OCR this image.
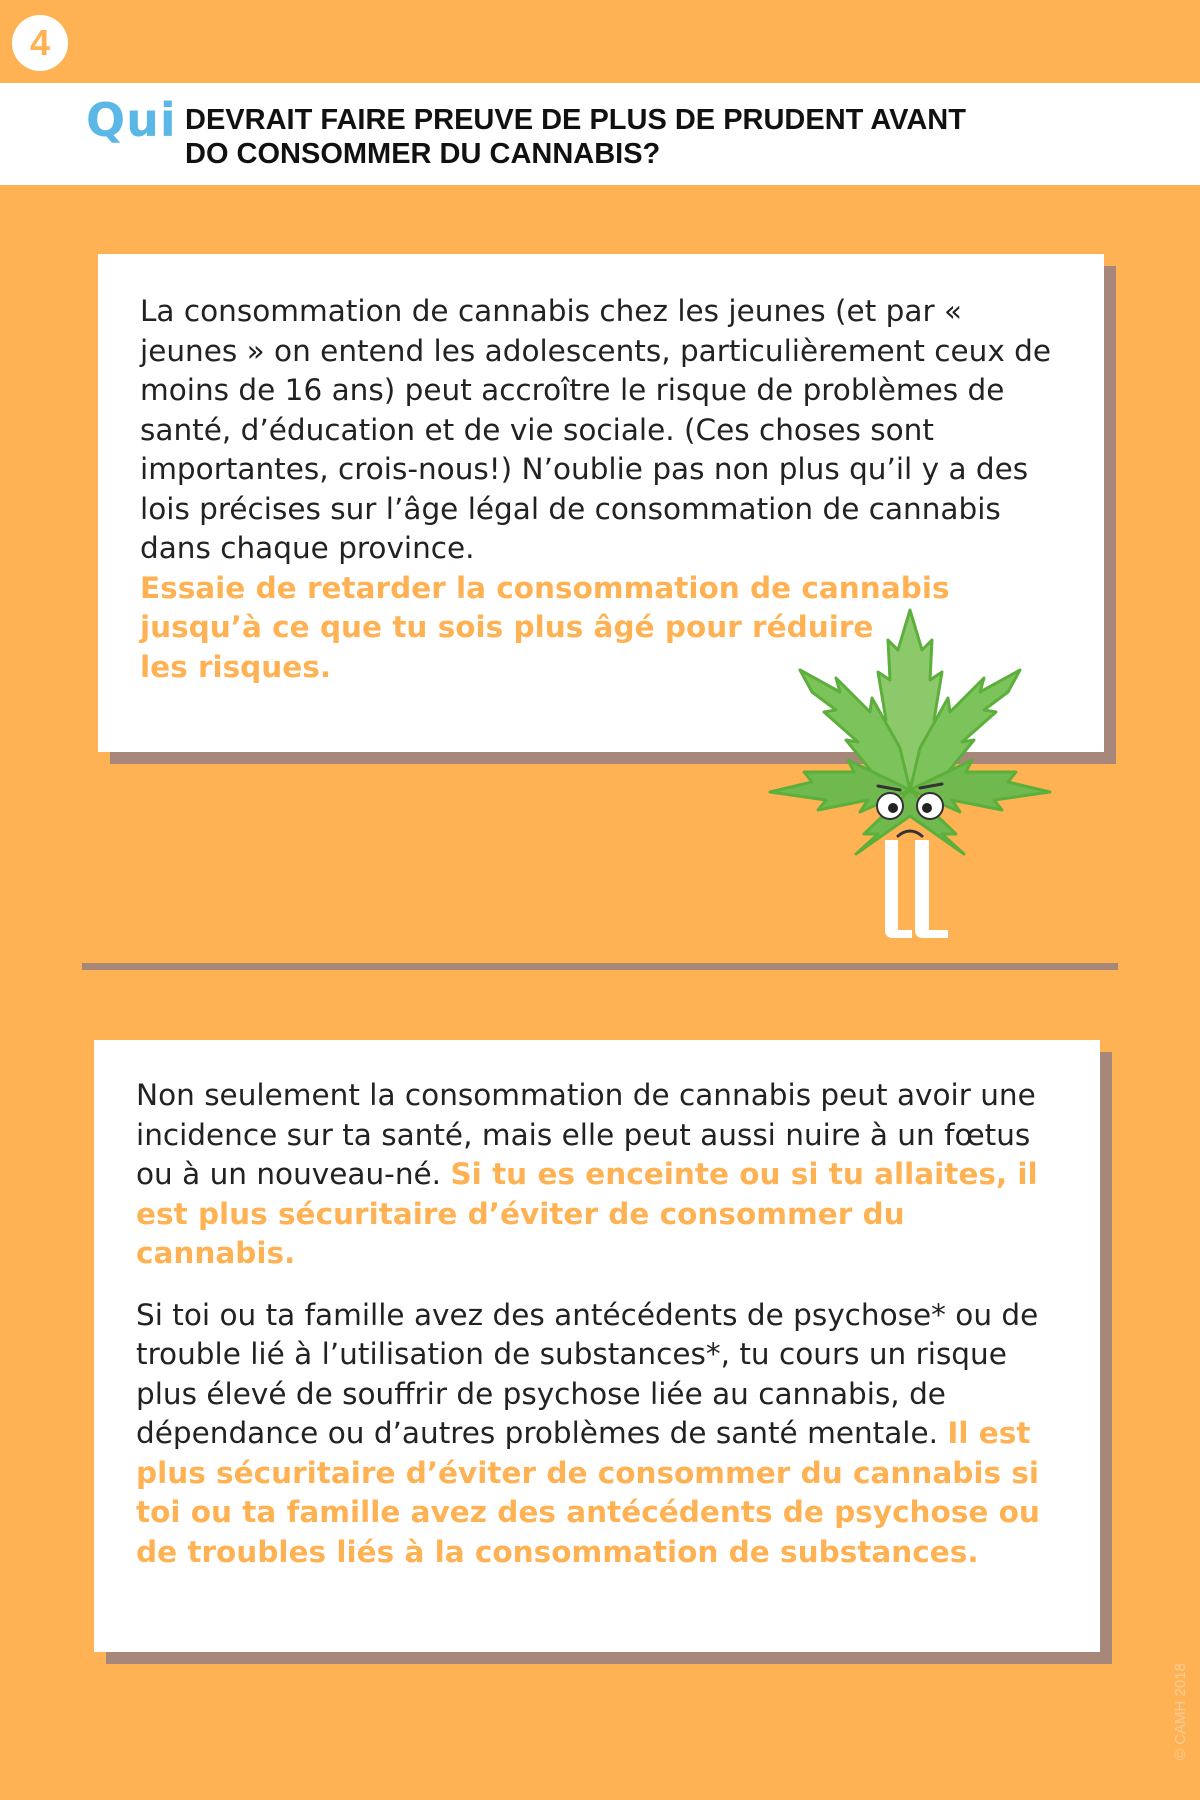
4
Qui DEVRAIT FAIRE PREUVE DE PLUS DE PRUDENT AVANT
DO CONSOMMER DU CANNABIS?
La consommation de cannabis chez les jeunes (et par « jeunes » on entend les adolescents, particulièrement ceux de moins de 16 ans) peut accroître le risque de problèmes de santé, d’éducation et de vie sociale. (Ces choses sont importantes, crois-nous!) N’oublie pas non plus qu’il y a des lois précises sur l’âge légal de consommation de cannabis dans chaque province.
Essaie de retarder la consommation de cannabis
jusqu’à ce que tu sois plus âgé pour réduire
les risques.

Non seulement la consommation de cannabis peut avoir une incidence sur ta santé, mais elle peut aussi nuire à un fœtus ou à un nouveau-né. Si tu es enceinte ou si tu allaites, il est plus sécuritaire d’éviter de consommer du cannabis.

Si toi ou ta famille avez des antécédents de psychose* ou de trouble lié à l’utilisation de substances*, tu cours un risque plus élevé de souffrir de psychose liée au cannabis, de dépendance ou d’autres problèmes de santé mentale. Il est plus sécuritaire d’éviter de consommer du cannabis si toi ou ta famille avez des antécédents de psychose ou de troubles liés à la consommation de substances.

© CAMH 2018
